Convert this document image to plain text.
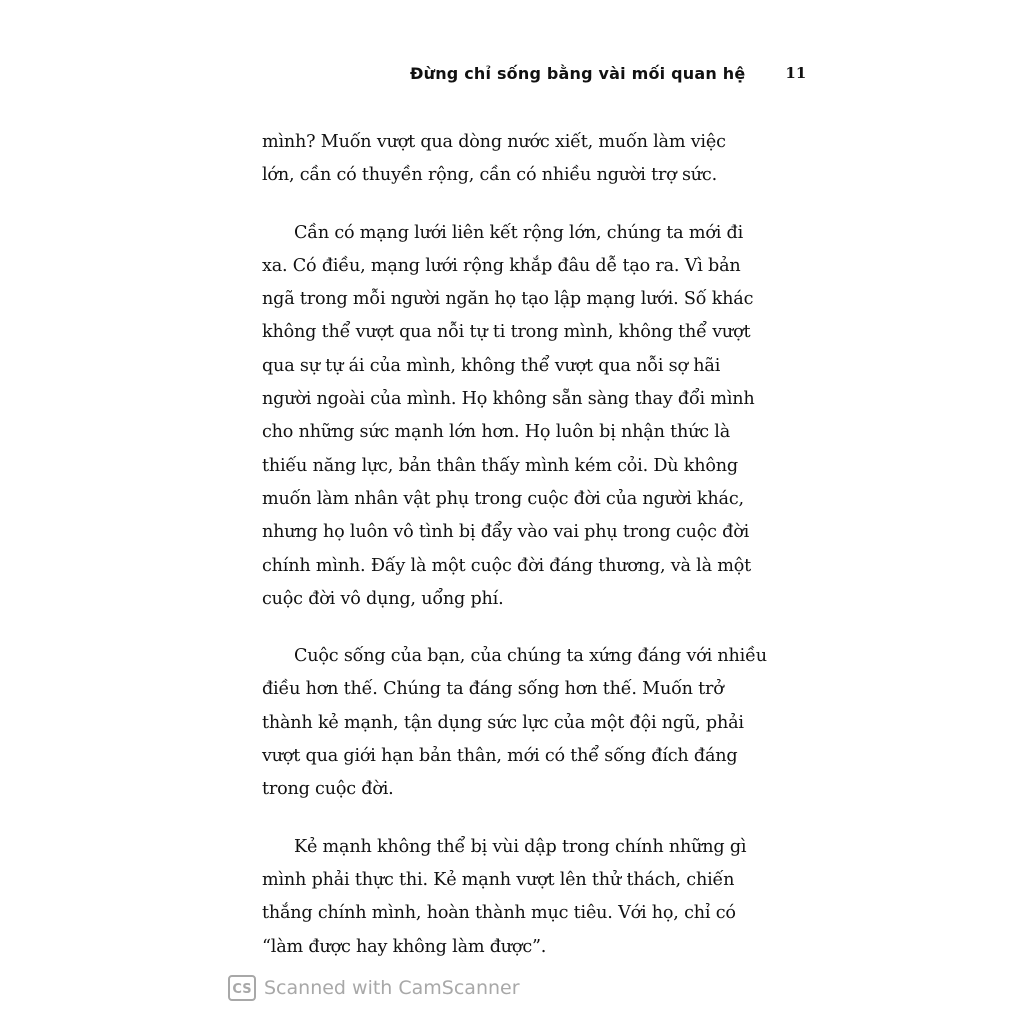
Đừng chỉ sống bằng vài mối quan hệ	11
mình? Muốn vượt qua dòng nước xiết, muốn làm việc
lớn, cần có thuyền rộng, cần có nhiều người trợ sức.
Cần có mạng lưới liên kết rộng lớn, chúng ta mới đi
xa. Có điều, mạng lưới rộng khắp đâu dễ tạo ra. Vì bản
ngã trong mỗi người ngăn họ tạo lập mạng lưới. Số khác
không thể vượt qua nỗi tự ti trong mình, không thể vượt
qua sự tự ái của mình, không thể vượt qua nỗi sợ hãi
người ngoài của mình. Họ không sẵn sàng thay đổi mình
cho những sức mạnh lớn hơn. Họ luôn bị nhận thức là
thiếu năng lực, bản thân thấy mình kém cỏi. Dù không
muốn làm nhân vật phụ trong cuộc đời của người khác,
nhưng họ luôn vô tình bị đẩy vào vai phụ trong cuộc đời
chính mình. Đấy là một cuộc đời đáng thương, và là một
cuộc đời vô dụng, uổng phí.
Cuộc sống của bạn, của chúng ta xứng đáng với nhiều
điều hơn thế. Chúng ta đáng sống hơn thế. Muốn trở
thành kẻ mạnh, tận dụng sức lực của một đội ngũ, phải
vượt qua giới hạn bản thân, mới có thể sống đích đáng
trong cuộc đời.
Kẻ mạnh không thể bị vùi dập trong chính những gì
mình phải thực thi. Kẻ mạnh vượt lên thử thách, chiến
thắng chính mình, hoàn thành mục tiêu. Với họ, chỉ có
“làm được hay không làm được”.
CS Scanned with CamScanner
